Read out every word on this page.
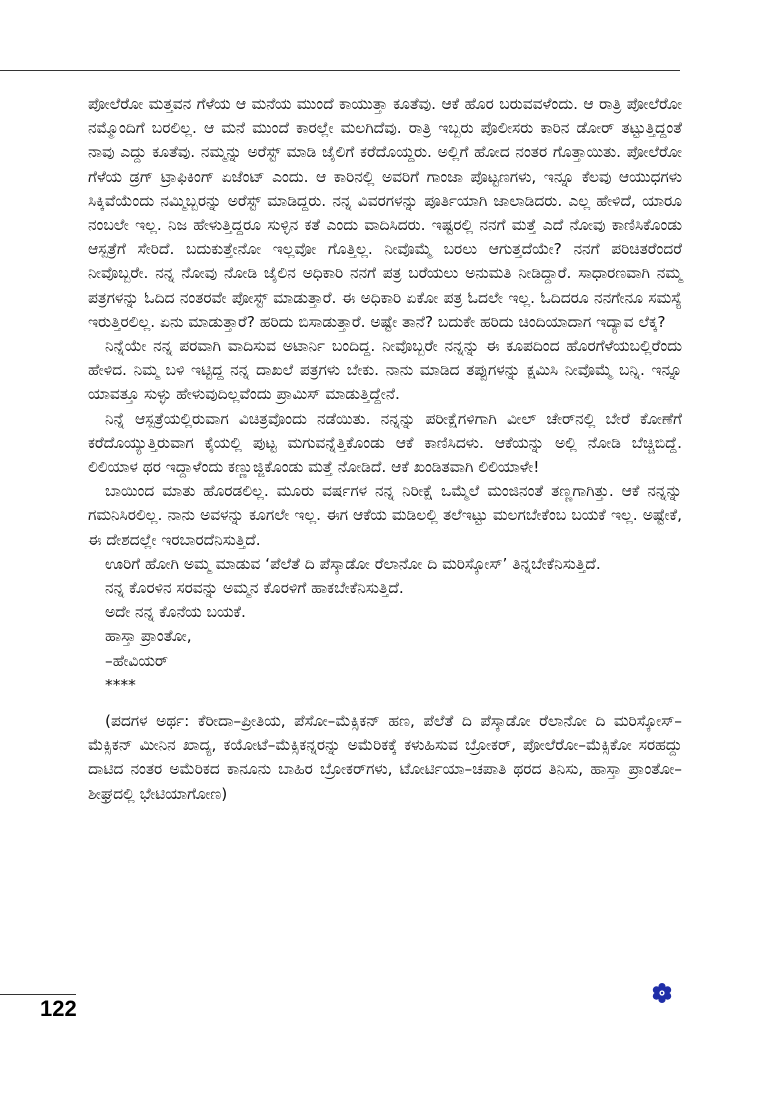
ಪೋಲೆರೋ ಮತ್ತವನ ಗೆಳೆಯ ಆ ಮನೆಯ ಮುಂದೆ ಕಾಯುತ್ತಾ ಕೂತೆವು. ಆಕೆ ಹೊರ ಬರುವವಳೆಂದು. ಆ ರಾತ್ರಿ ಪೋಲೆರೋ ನಮ್ಮೊಂದಿಗೆ ಬರಲಿಲ್ಲ. ಆ ಮನೆ ಮುಂದೆ ಕಾರಲ್ಲೇ ಮಲಗಿದೆವು. ರಾತ್ರಿ ಇಬ್ಬರು ಪೊಲೀಸರು ಕಾರಿನ ಡೋರ್ ತಟ್ಟುತ್ತಿದ್ದಂತೆ ನಾವು ಎದ್ದು ಕೂತೆವು. ನಮ್ಮನ್ನು ಅರೆಸ್ಟ್ ಮಾಡಿ ಜೈಲಿಗೆ ಕರೆದೊಯ್ದರು. ಅಲ್ಲಿಗೆ ಹೋದ ನಂತರ ಗೊತ್ತಾಯಿತು. ಪೋಲೆರೋ ಗೆಳೆಯ ಡ್ರಗ್ ಟ್ರಾಫಿಕಿಂಗ್ ಏಜೆಂಟ್ ಎಂದು. ಆ ಕಾರಿನಲ್ಲಿ ಅವರಿಗೆ ಗಾಂಜಾ ಪೊಟ್ಟಣಗಳು, ಇನ್ನೂ ಕೆಲವು ಆಯುಧಗಳು ಸಿಕ್ಕಿವೆಯೆಂದು ನಮ್ಮಿಬ್ಬರನ್ನು ಅರೆಸ್ಟ್ ಮಾಡಿದ್ದರು. ನನ್ನ ವಿವರಗಳನ್ನು ಪೂರ್ತಿಯಾಗಿ ಜಾಲಾಡಿದರು. ಎಲ್ಲ ಹೇಳಿದೆ, ಯಾರೂ ನಂಬಲೇ ಇಲ್ಲ. ನಿಜ ಹೇಳುತ್ತಿದ್ದರೂ ಸುಳ್ಳಿನ ಕತೆ ಎಂದು ವಾದಿಸಿದರು. ಇಷ್ಟರಲ್ಲಿ ನನಗೆ ಮತ್ತೆ ಎದೆ ನೋವು ಕಾಣಿಸಿಕೊಂಡು ಆಸ್ಪತ್ರೆಗೆ ಸೇರಿದೆ. ಬದುಕುತ್ತೇನೋ ಇಲ್ಲವೋ ಗೊತ್ತಿಲ್ಲ. ನೀವೊಮ್ಮೆ ಬರಲು ಆಗುತ್ತದೆಯೇ? ನನಗೆ ಪರಿಚಿತರೆಂದರೆ ನೀವೊಬ್ಬರೇ. ನನ್ನ ನೋವು ನೋಡಿ ಜೈಲಿನ ಅಧಿಕಾರಿ ನನಗೆ ಪತ್ರ ಬರೆಯಲು ಅನುಮತಿ ನೀಡಿದ್ದಾರೆ. ಸಾಧಾರಣವಾಗಿ ನಮ್ಮ ಪತ್ರಗಳನ್ನು ಓದಿದ ನಂತರವೇ ಪೋಸ್ಟ್ ಮಾಡುತ್ತಾರೆ. ಈ ಅಧಿಕಾರಿ ಏಕೋ ಪತ್ರ ಓದಲೇ ಇಲ್ಲ. ಓದಿದರೂ ನನಗೇನೂ ಸಮಸ್ಯೆ ಇರುತ್ತಿರಲಿಲ್ಲ. ಏನು ಮಾಡುತ್ತಾರೆ? ಹರಿದು ಬಿಸಾಡುತ್ತಾರೆ. ಅಷ್ಟೇ ತಾನೆ? ಬದುಕೇ ಹರಿದು ಚಿಂದಿಯಾದಾಗ ಇದ್ಯಾವ ಲೆಕ್ಕ?

ನಿನ್ನೆಯೇ ನನ್ನ ಪರವಾಗಿ ವಾದಿಸುವ ಅಟಾರ್ನಿ ಬಂದಿದ್ದ. ನೀವೊಬ್ಬರೇ ನನ್ನನ್ನು ಈ ಕೂಪದಿಂದ ಹೊರಗೆಳೆಯಬಲ್ಲಿರೆಂದು ಹೇಳಿದ. ನಿಮ್ಮ ಬಳಿ ಇಟ್ಟಿದ್ದ ನನ್ನ ದಾಖಲೆ ಪತ್ರಗಳು ಬೇಕು. ನಾನು ಮಾಡಿದ ತಪ್ಪುಗಳನ್ನು ಕ್ಷಮಿಸಿ ನೀವೊಮ್ಮೆ ಬನ್ನಿ. ಇನ್ನೂ ಯಾವತ್ತೂ ಸುಳ್ಳು ಹೇಳುವುದಿಲ್ಲವೆಂದು ಪ್ರಾಮಿಸ್ ಮಾಡುತ್ತಿದ್ದೇನೆ.

ನಿನ್ನೆ ಆಸ್ಪತ್ರೆಯಲ್ಲಿರುವಾಗ ವಿಚಿತ್ರವೊಂದು ನಡೆಯಿತು. ನನ್ನನ್ನು ಪರೀಕ್ಷೆಗಳಿಗಾಗಿ ವೀಲ್ ಚೇರ್‌ನಲ್ಲಿ ಬೇರೆ ಕೋಣೆಗೆ ಕರೆದೊಯ್ಯುತ್ತಿರುವಾಗ ಕೈಯಲ್ಲಿ ಪುಟ್ಟ ಮಗುವನ್ನೆತ್ತಿಕೊಂಡು ಆಕೆ ಕಾಣಿಸಿದಳು. ಆಕೆಯನ್ನು ಅಲ್ಲಿ ನೋಡಿ ಬೆಚ್ಚಿಬಿದ್ದೆ. ಲಿಲಿಯಾಳ ಥರ ಇದ್ದಾಳೆಂದು ಕಣ್ಣುಜ್ಜಿಕೊಂಡು ಮತ್ತೆ ನೋಡಿದೆ. ಆಕೆ ಖಂಡಿತವಾಗಿ ಲಿಲಿಯಾಳೇ!

ಬಾಯಿಂದ ಮಾತು ಹೊರಡಲಿಲ್ಲ. ಮೂರು ವರ್ಷಗಳ ನನ್ನ ನಿರೀಕ್ಷೆ ಒಮ್ಮೆಲೆ ಮಂಜಿನಂತೆ ತಣ್ಣಗಾಗಿತ್ತು. ಆಕೆ ನನ್ನನ್ನು ಗಮನಿಸಿರಲಿಲ್ಲ. ನಾನು ಅವಳನ್ನು ಕೂಗಲೇ ಇಲ್ಲ. ಈಗ ಆಕೆಯ ಮಡಿಲಲ್ಲಿ ತಲೆಇಟ್ಟು ಮಲಗಬೇಕೆಂಬ ಬಯಕೆ ಇಲ್ಲ. ಅಷ್ಟೇಕೆ, ಈ ದೇಶದಲ್ಲೇ ಇರಬಾರದೆನಿಸುತ್ತಿದೆ.

ಊರಿಗೆ ಹೋಗಿ ಅಮ್ಮ ಮಾಡುವ ‘ಪೆಲೆತೆ ದಿ ಪೆಸ್ಕಾಡೋ ರೆಲಾನೋ ದಿ ಮರಿಸ್ಕೋಸ್’ ತಿನ್ನಬೇಕೆನಿಸುತ್ತಿದೆ.

ನನ್ನ ಕೊರಳಿನ ಸರವನ್ನು ಅಮ್ಮನ ಕೊರಳಿಗೆ ಹಾಕಬೇಕೆನಿಸುತ್ತಿದೆ.

ಅದೇ ನನ್ನ ಕೊನೆಯ ಬಯಕೆ.

ಹಾಸ್ತಾ ಪ್ರಾಂತೋ,

–ಹೇವಿಯರ್

****

(ಪದಗಳ ಅರ್ಥ: ಕೆರೀದಾ–ಪ್ರೀತಿಯ, ಪೆಸೋ–ಮೆಕ್ಸಿಕನ್ ಹಣ, ಪೆಲೆತೆ ದಿ ಪೆಸ್ಕಾಡೋ ರೆಲಾನೋ ದಿ ಮರಿಸ್ಕೋಸ್–ಮೆಕ್ಸಿಕನ್ ಮೀನಿನ ಖಾದ್ಯ, ಕಯೋಟೆ–ಮೆಕ್ಸಿಕನ್ನರನ್ನು ಅಮೆರಿಕಕ್ಕೆ ಕಳುಹಿಸುವ ಬ್ರೋಕರ್, ಪೋಲೆರೋ–ಮೆಕ್ಸಿಕೋ ಸರಹದ್ದು ದಾಟಿದ ನಂತರ ಅಮೆರಿಕದ ಕಾನೂನು ಬಾಹಿರ ಬ್ರೋಕರ್‌ಗಳು, ಟೋರ್ಟಿಯಾ–ಚಪಾತಿ ಥರದ ತಿನಿಸು, ಹಾಸ್ತಾ ಪ್ರಾಂತೋ–ಶೀಘ್ರದಲ್ಲಿ ಭೇಟಿಯಾಗೋಣ)

122
